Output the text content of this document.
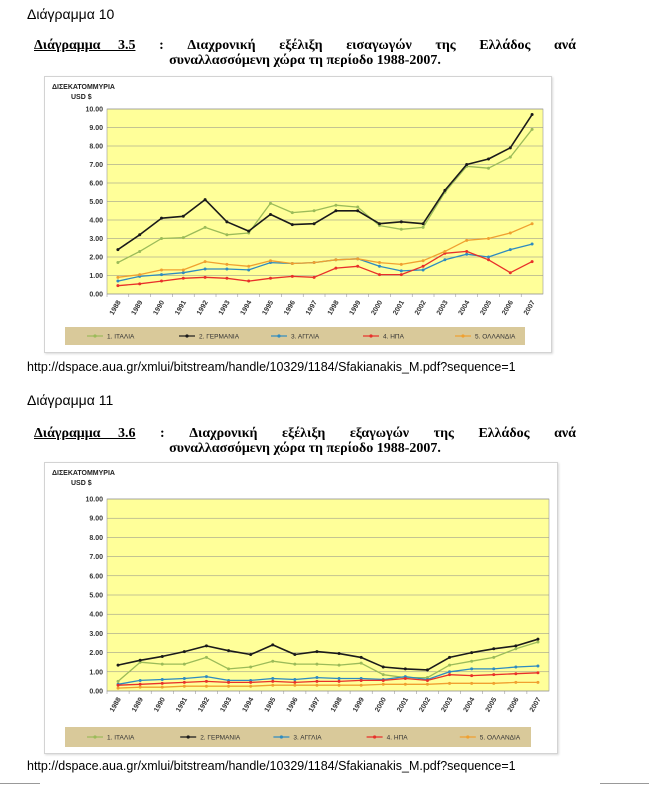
Διάγραμμα 10
Διάγραμμα     3.5 : Διαχρονική εξέλιξη εισαγωγών της Ελλάδος ανά
συναλλασσόμενη χώρα τη περίοδο 1988-2007.
ΔΙΣΕΚΑΤΟΜΜΥΡΙΑ
USD $
0.00
1.00
2.00
3.00
4.00
5.00
6.00
7.00
8.00
9.00
10.00
1988 1989 1990 1991 1992 1993 1994 1995 1996 1997 1998 1999 2000 2001 2002 2003 2004 2005 2006 2007
1. ΙΤΑΛΙΑ	2. ΓΕΡΜΑΝΙΑ	3. ΑΓΓΛΙΑ	4. ΗΠΑ	5. ΟΛΛΑΝΔΙΑ
http://dspace.aua.gr/xmlui/bitstream/handle/10329/1184/Sfakianakis_M.pdf?sequence=1
Διάγραμμα 11
Διάγραμμα     3.6 : Διαχρονική εξέλιξη εξαγωγών της Ελλάδος ανά
συναλλασσόμενη χώρα τη περίοδο 1988-2007.
ΔΙΣΕΚΑΤΟΜΜΥΡΙΑ
USD $
0.00
1.00
2.00
3.00
4.00
5.00
6.00
7.00
8.00
9.00
10.00
1988 1989 1990 1991 1992 1993 1994 1995 1996 1997 1998 1999 2000 2001 2002 2003 2004 2005 2006 2007
1. ΙΤΑΛΙΑ	2. ΓΕΡΜΑΝΙΑ	3. ΑΓΓΛΙΑ	4. ΗΠΑ	5. ΟΛΛΑΝΔΙΑ
http://dspace.aua.gr/xmlui/bitstream/handle/10329/1184/Sfakianakis_M.pdf?sequence=1
